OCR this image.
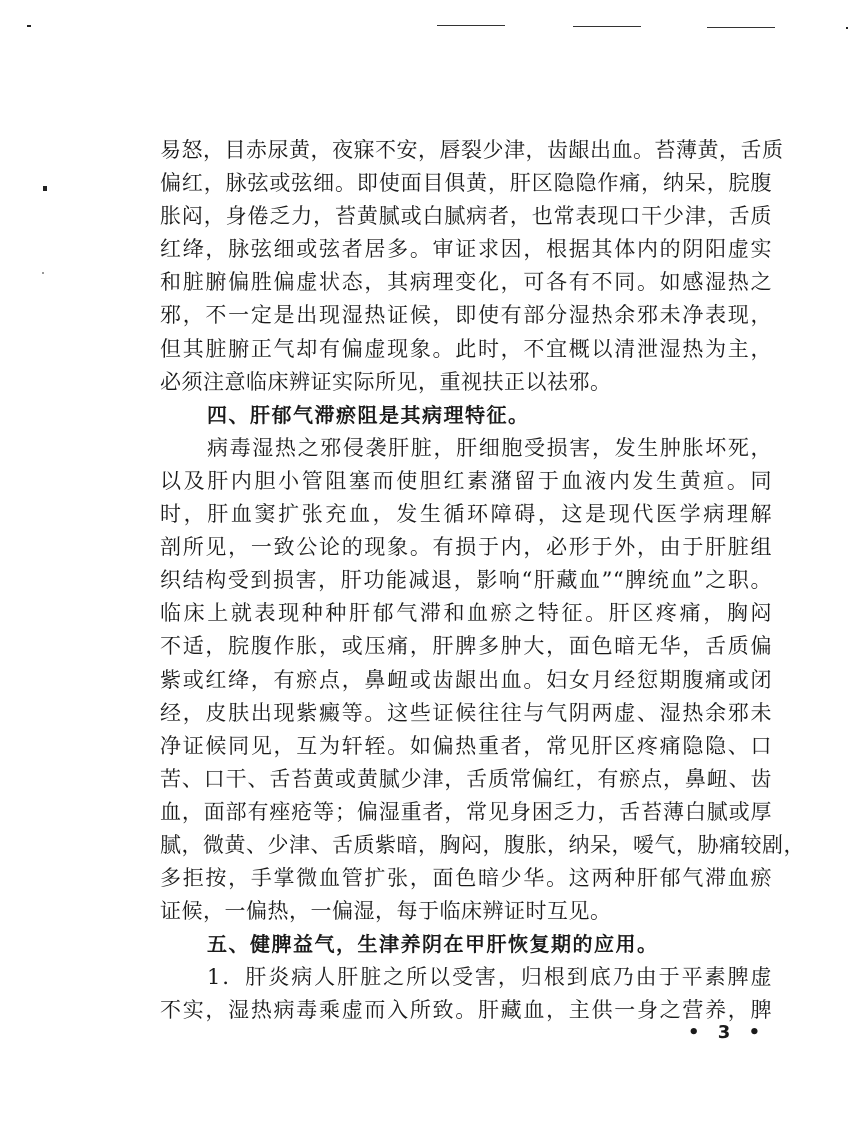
易怒，目赤尿黄，夜寐不安，唇裂少津，齿龈出血。苔薄黄，舌质
偏红，脉弦或弦细。即使面目俱黄，肝区隐隐作痛，纳呆，脘腹
胀闷，身倦乏力，苔黄腻或白腻病者，也常表现口干少津，舌质
红绛，脉弦细或弦者居多。审证求因，根据其体内的阴阳虚实
和脏腑偏胜偏虚状态，其病理变化，可各有不同。如感湿热之
邪，不一定是出现湿热证候，即使有部分湿热余邪未净表现，
但其脏腑正气却有偏虚现象。此时，不宜概以清泄湿热为主，
必须注意临床辨证实际所见，重视扶正以祛邪。
四、肝郁气滞瘀阻是其病理特征。
病毒湿热之邪侵袭肝脏，肝细胞受损害，发生肿胀坏死，
以及肝内胆小管阻塞而使胆红素潴留于血液内发生黄疸。同
时，肝血窦扩张充血，发生循环障碍，这是现代医学病理解
剖所见，一致公论的现象。有损于内，必形于外，由于肝脏组
织结构受到损害，肝功能减退，影响“肝藏血”“脾统血”之职。
临床上就表现种种肝郁气滞和血瘀之特征。肝区疼痛，胸闷
不适，脘腹作胀，或压痛，肝脾多肿大，面色暗无华，舌质偏
紫或红绛，有瘀点，鼻衄或齿龈出血。妇女月经愆期腹痛或闭
经，皮肤出现紫癜等。这些证候往往与气阴两虚、湿热余邪未
净证候同见，互为轩轾。如偏热重者，常见肝区疼痛隐隐、口
苦、口干、舌苔黄或黄腻少津，舌质常偏红，有瘀点，鼻衄、齿
血，面部有痤疮等；偏湿重者，常见身困乏力，舌苔薄白腻或厚
腻，微黄、少津、舌质紫暗，胸闷，腹胀，纳呆，嗳气，胁痛较剧，
多拒按，手掌微血管扩张，面色暗少华。这两种肝郁气滞血瘀
证候，一偏热，一偏湿，每于临床辨证时互见。
五、健脾益气，生津养阴在甲肝恢复期的应用。
1．肝炎病人肝脏之所以受害，归根到底乃由于平素脾虚
不实，湿热病毒乘虚而入所致。肝藏血，主供一身之营养，脾
• 3 •
